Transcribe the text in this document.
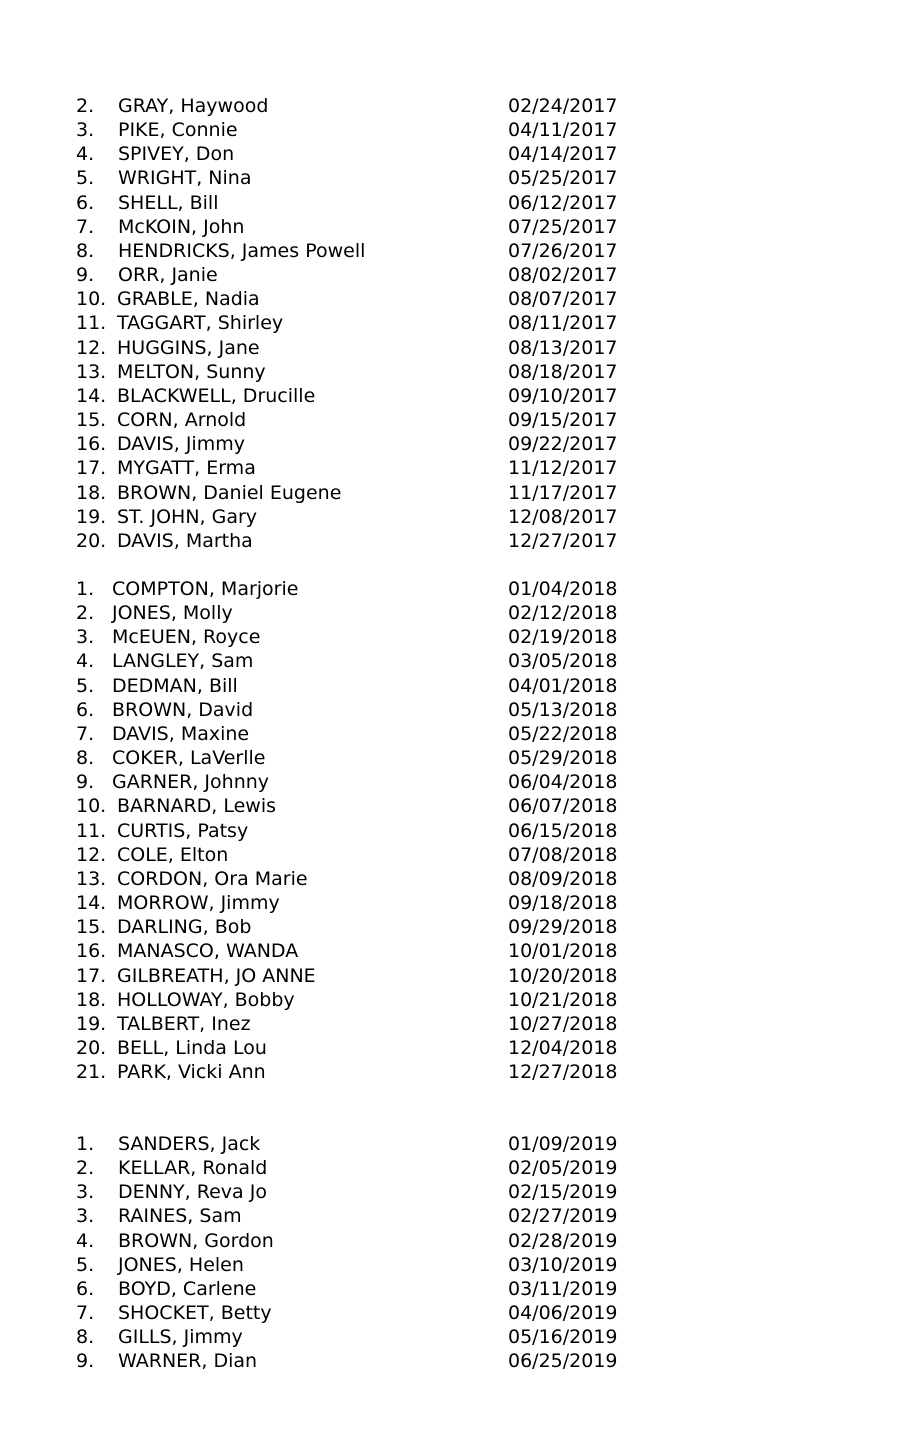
2. GRAY, Haywood	02/24/2017
3. PIKE, Connie	04/11/2017
4. SPIVEY, Don	04/14/2017
5. WRIGHT, Nina	05/25/2017
6. SHELL, Bill	06/12/2017
7. McKOIN, John	07/25/2017
8. HENDRICKS, James Powell	07/26/2017
9. ORR, Janie	08/02/2017
10. GRABLE, Nadia	08/07/2017
11. TAGGART, Shirley	08/11/2017
12. HUGGINS, Jane	08/13/2017
13. MELTON, Sunny	08/18/2017
14. BLACKWELL, Drucille	09/10/2017
15. CORN, Arnold	09/15/2017
16. DAVIS, Jimmy	09/22/2017
17. MYGATT, Erma	11/12/2017
18. BROWN, Daniel Eugene	11/17/2017
19. ST. JOHN, Gary	12/08/2017
20. DAVIS, Martha	12/27/2017
1. COMPTON, Marjorie	01/04/2018
2. JONES, Molly	02/12/2018
3. McEUEN, Royce	02/19/2018
4. LANGLEY, Sam	03/05/2018
5. DEDMAN, Bill	04/01/2018
6. BROWN, David	05/13/2018
7. DAVIS, Maxine	05/22/2018
8. COKER, LaVerlle	05/29/2018
9. GARNER, Johnny	06/04/2018
10. BARNARD, Lewis	06/07/2018
11. CURTIS, Patsy	06/15/2018
12. COLE, Elton	07/08/2018
13. CORDON, Ora Marie	08/09/2018
14. MORROW, Jimmy	09/18/2018
15. DARLING, Bob	09/29/2018
16. MANASCO, WANDA	10/01/2018
17. GILBREATH, JO ANNE	10/20/2018
18. HOLLOWAY, Bobby	10/21/2018
19. TALBERT, Inez	10/27/2018
20. BELL, Linda Lou	12/04/2018
21. PARK, Vicki Ann	12/27/2018
1. SANDERS, Jack	01/09/2019
2. KELLAR, Ronald	02/05/2019
3. DENNY, Reva Jo	02/15/2019
3. RAINES, Sam	02/27/2019
4. BROWN, Gordon	02/28/2019
5. JONES, Helen	03/10/2019
6. BOYD, Carlene	03/11/2019
7. SHOCKET, Betty	04/06/2019
8. GILLS, Jimmy	05/16/2019
9. WARNER, Dian	06/25/2019
